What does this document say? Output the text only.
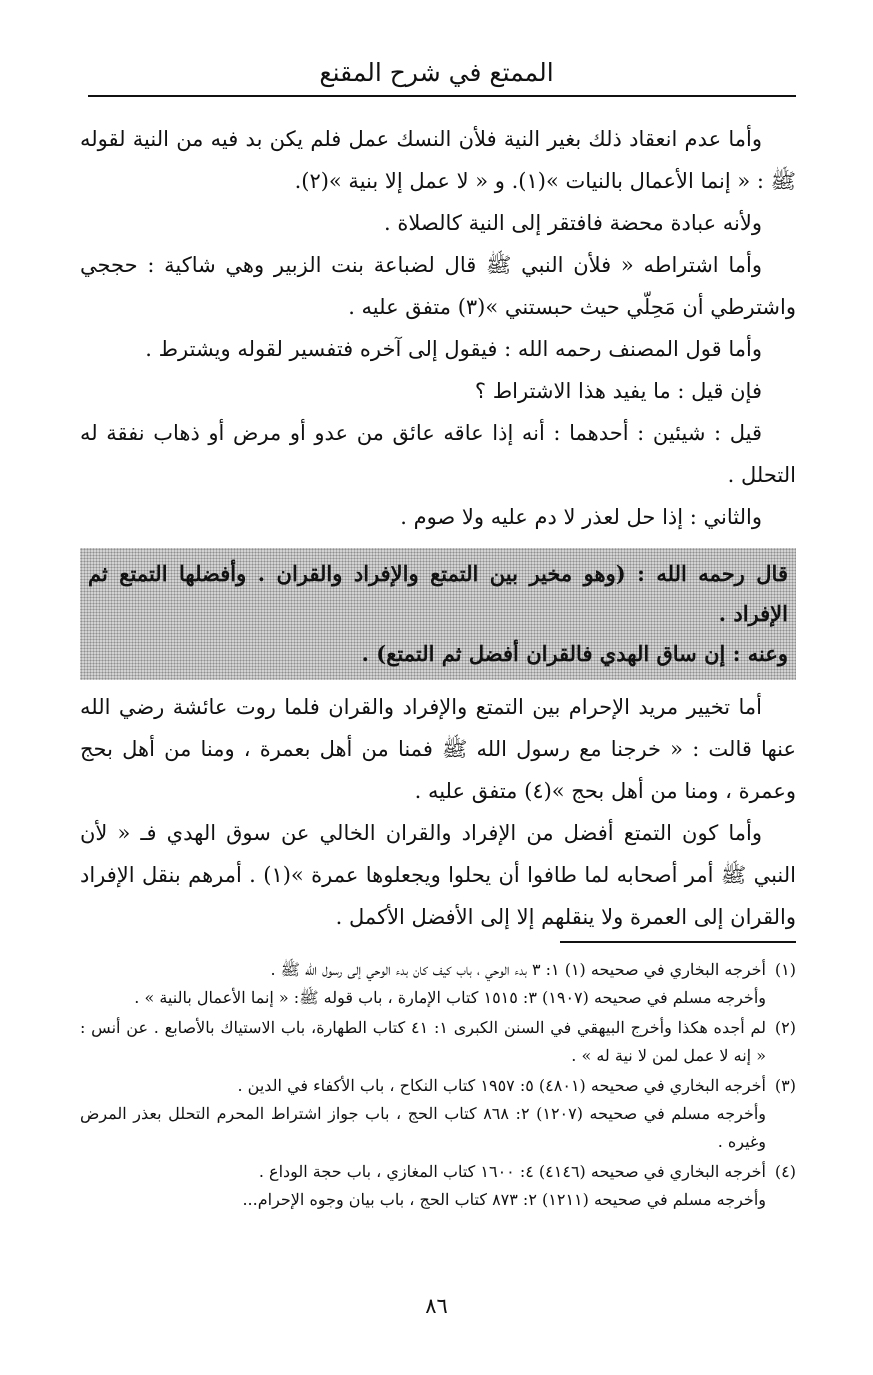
الممتع في شرح المقنع

وأما عدم انعقاد ذلك بغير النية فلأن النسك عمل فلم يكن بد فيه من النية لقوله ﷺ : « إنما الأعمال بالنيات »(١). و « لا عمل إلا بنية »(٢).

ولأنه عبادة محضة فافتقر إلى النية كالصلاة .

وأما اشتراطه « فلأن النبي ﷺ قال لضباعة بنت الزبير وهي شاكية : حججي واشترطي أن مَحِلّي حيث حبستني »(٣) متفق عليه .

وأما قول المصنف رحمه الله : فيقول إلى آخره فتفسير لقوله ويشترط .

فإن قيل : ما يفيد هذا الاشتراط ؟

قيل : شيئين : أحدهما : أنه إذا عاقه عائق من عدو أو مرض أو ذهاب نفقة له التحلل .

والثاني : إذا حل لعذر لا دم عليه ولا صوم .

قال رحمه الله : (وهو مخير بين التمتع والإفراد والقران . وأفضلها التمتع ثم الإفراد .

وعنه : إن ساق الهدي فالقران أفضل ثم التمتع) .

أما تخيير مريد الإحرام بين التمتع والإفراد والقران فلما روت عائشة رضي الله عنها قالت : « خرجنا مع رسول الله ﷺ فمنا من أهل بعمرة ، ومنا من أهل بحج وعمرة ، ومنا من أهل بحج »(٤) متفق عليه .

وأما كون التمتع أفضل من الإفراد والقران الخالي عن سوق الهدي فـ « لأن النبي ﷺ أمر أصحابه لما طافوا أن يحلوا ويجعلوها عمرة »(١) . أمرهم بنقل الإفراد والقران إلى العمرة ولا ينقلهم إلا إلى الأفضل الأكمل .

(١)
أخرجه البخاري في صحيحه (١) ١: ٣ بدء الوحي ، باب كيف كان بدء الوحي إلى رسول الله ﷺ .
وأخرجه مسلم في صحيحه (١٩٠٧) ٣: ١٥١٥ كتاب الإمارة ، باب قوله ﷺ: « إنما الأعمال بالنية » .
(٢)
لم أجده هكذا وأخرج البيهقي في السنن الكبرى ١: ٤١ كتاب الطهارة، باب الاستياك بالأصابع . عن أنس : « إنه لا عمل لمن لا نية له » .
(٣)
أخرجه البخاري في صحيحه (٤٨٠١) ٥: ١٩٥٧ كتاب النكاح ، باب الأكفاء في الدين .
وأخرجه مسلم في صحيحه (١٢٠٧) ٢: ٨٦٨ كتاب الحج ، باب جواز اشتراط المحرم التحلل بعذر المرض وغيره .
(٤)
أخرجه البخاري في صحيحه (٤١٤٦) ٤: ١٦٠٠ كتاب المغازي ، باب حجة الوداع .
وأخرجه مسلم في صحيحه (١٢١١) ٢: ٨٧٣ كتاب الحج ، باب بيان وجوه الإحرام...
٨٦
